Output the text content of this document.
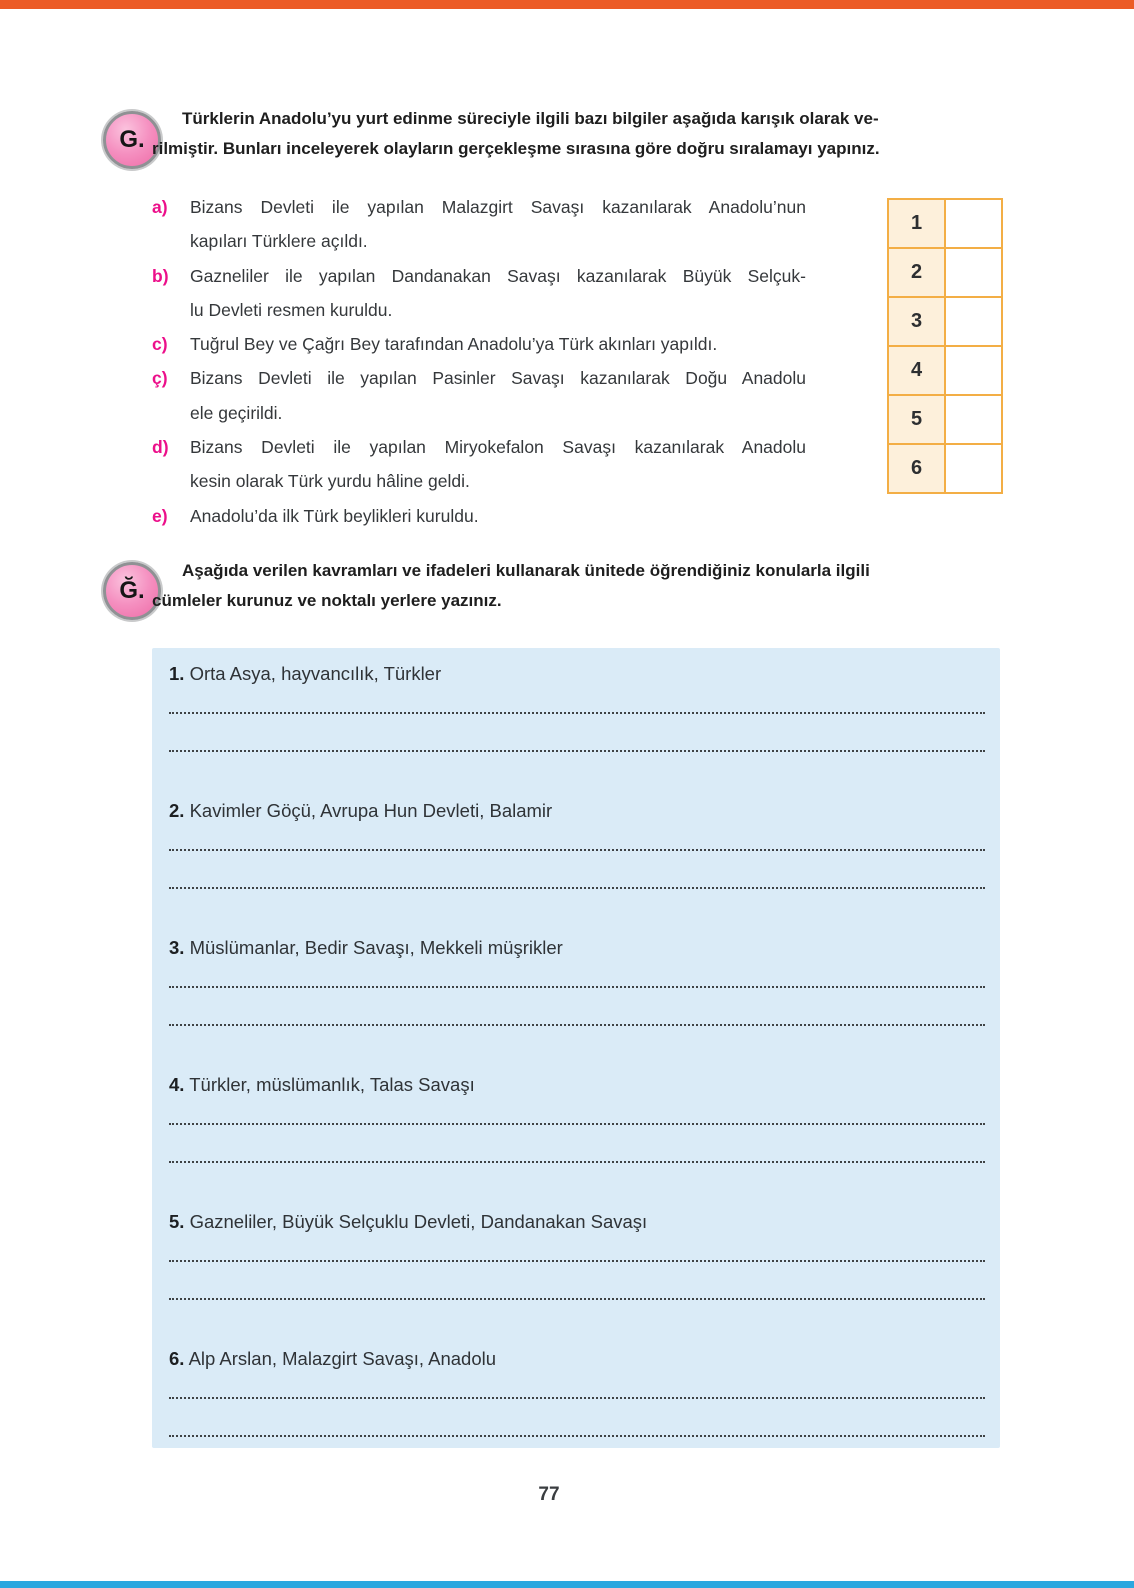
G.
Türklerin Anadolu’yu yurt edinme süreciyle ilgili bazı bilgiler aşağıda karışık olarak ve-
rilmiştir. Bunları inceleyerek olayların gerçekleşme sırasına göre doğru sıralamayı yapınız.
a)	Bizans Devleti ile yapılan Malazgirt Savaşı kazanılarak Anadolu’nun
kapıları Türklere açıldı.
b)	Gazneliler ile yapılan Dandanakan Savaşı kazanılarak Büyük Selçuk-
lu Devleti resmen kuruldu.
c)	Tuğrul Bey ve Çağrı Bey tarafından Anadolu’ya Türk akınları yapıldı.
ç)	Bizans Devleti ile yapılan Pasinler Savaşı kazanılarak Doğu Anadolu
ele geçirildi.
d)	Bizans Devleti ile yapılan Miryokefalon Savaşı kazanılarak Anadolu
kesin olarak Türk yurdu hâline geldi.
e)	Anadolu’da ilk Türk beylikleri kuruldu.
1	
2	
3	
4	
5	
6	
Ğ.
Aşağıda verilen kavramları ve ifadeleri kullanarak ünitede öğrendiğiniz konularla ilgili
cümleler kurunuz ve noktalı yerlere yazınız.
1. Orta Asya, hayvancılık, Türkler
2. Kavimler Göçü, Avrupa Hun Devleti, Balamir
3. Müslümanlar, Bedir Savaşı, Mekkeli müşrikler
4. Türkler, müslümanlık, Talas Savaşı
5. Gazneliler, Büyük Selçuklu Devleti, Dandanakan Savaşı
6. Alp Arslan, Malazgirt Savaşı, Anadolu
77
